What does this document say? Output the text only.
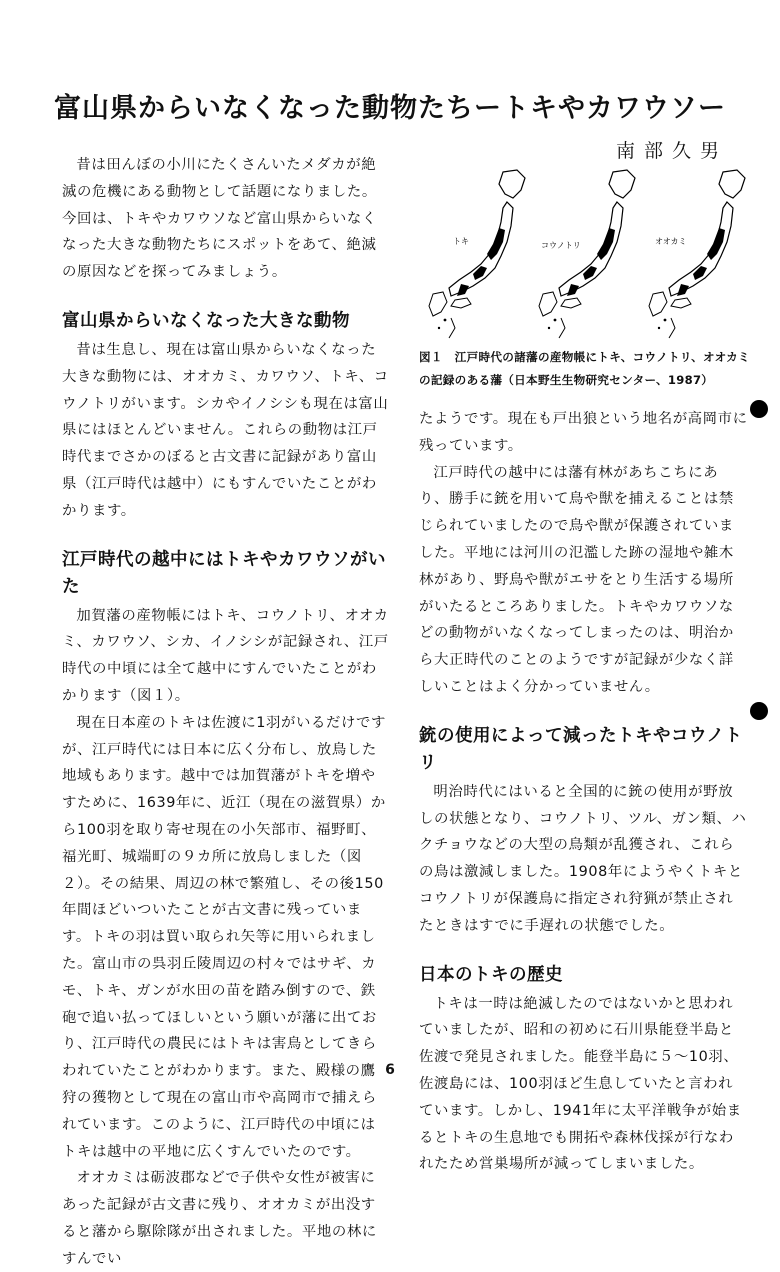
富山県からいなくなった動物たちートキやカワウソー
南部久男

昔は田んぼの小川にたくさんいたメダカが絶滅の危機にある動物として話題になりました。今回は、トキやカワウソなど富山県からいなくなった大きな動物たちにスポットをあて、絶滅の原因などを探ってみましょう。

富山県からいなくなった大きな動物

昔は生息し、現在は富山県からいなくなった大きな動物には、オオカミ、カワウソ、トキ、コウノトリがいます。シカやイノシシも現在は富山県にはほとんどいません。これらの動物は江戸時代までさかのぼると古文書に記録があり富山県（江戸時代は越中）にもすんでいたことがわかります。

江戸時代の越中にはトキやカワウソがいた

加賀藩の産物帳にはトキ、コウノトリ、オオカミ、カワウソ、シカ、イノシシが記録され、江戸時代の中頃には全て越中にすんでいたことがわかります（図１）。

現在日本産のトキは佐渡に1羽がいるだけですが、江戸時代には日本に広く分布し、放鳥した地域もあります。越中では加賀藩がトキを増やすために、1639年に、近江（現在の滋賀県）から100羽を取り寄せ現在の小矢部市、福野町、福光町、城端町の９カ所に放鳥しました（図２）。その結果、周辺の林で繁殖し、その後150年間ほどいついたことが古文書に残っています。トキの羽は買い取られ矢等に用いられました。富山市の呉羽丘陵周辺の村々ではサギ、カモ、トキ、ガンが水田の苗を踏み倒すので、鉄砲で追い払ってほしいという願いが藩に出ており、江戸時代の農民にはトキは害鳥としてきらわれていたことがわかります。また、殿様の鷹狩の獲物として現在の富山市や高岡市で捕えられています。このように、江戸時代の中頃にはトキは越中の平地に広くすんでいたのです。

オオカミは砺波郡などで子供や女性が被害にあった記録が古文書に残り、オオカミが出没すると藩から駆除隊が出されました。平地の林にすんでい

トキ	コウノトリ	オオカミ
図１　江戸時代の諸藩の産物帳にトキ、コウノトリ、オオカミの記録のある藩（日本野生生物研究センター、1987）

たようです。現在も戸出狼という地名が高岡市に残っています。

江戸時代の越中には藩有林があちこちにあり、勝手に銃を用いて鳥や獣を捕えることは禁じられていましたので鳥や獣が保護されていました。平地には河川の氾濫した跡の湿地や雑木林があり、野鳥や獣がエサをとり生活する場所がいたるところありました。トキやカワウソなどの動物がいなくなってしまったのは、明治から大正時代のことのようですが記録が少なく詳しいことはよく分かっていません。

銃の使用によって減ったトキやコウノトリ

明治時代にはいると全国的に銃の使用が野放しの状態となり、コウノトリ、ツル、ガン類、ハクチョウなどの大型の鳥類が乱獲され、これらの鳥は激減しました。1908年にようやくトキとコウノトリが保護鳥に指定され狩猟が禁止されたときはすでに手遅れの状態でした。

日本のトキの歴史

トキは一時は絶滅したのではないかと思われていましたが、昭和の初めに石川県能登半島と佐渡で発見されました。能登半島に５～10羽、佐渡島には、100羽ほど生息していたと言われています。しかし、1941年に太平洋戦争が始まるとトキの生息地でも開拓や森林伐採が行なわれたため営巣場所が減ってしまいました。

6
